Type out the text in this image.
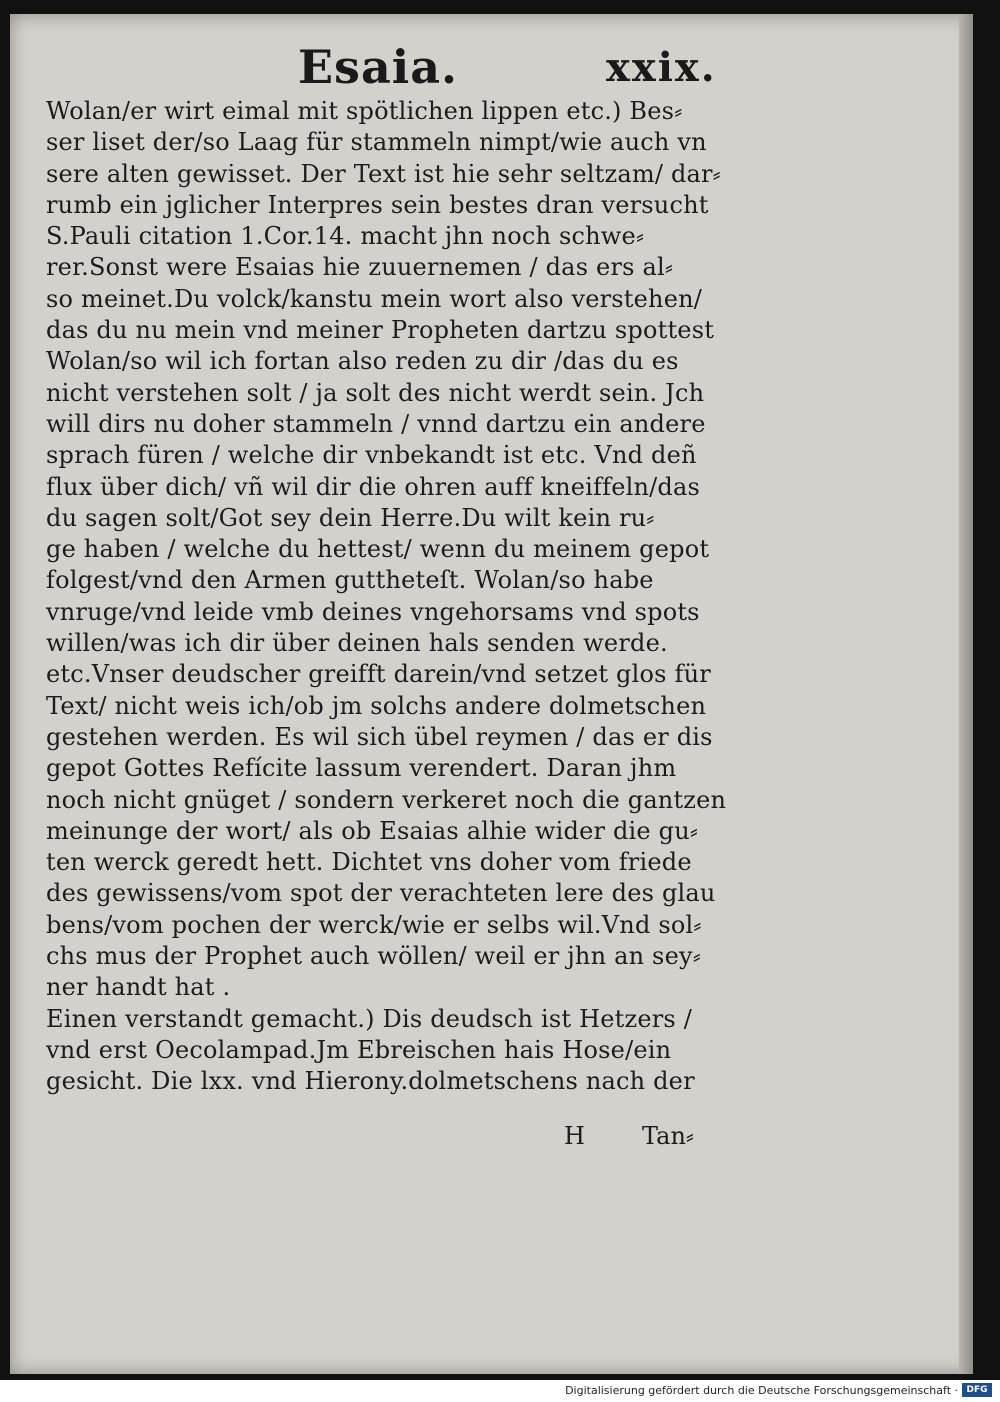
Esaia.	xxix.
Wolan/er wirt eimal mit spötlichen lippen etc.) Bes⸗
ser liset der/so Laag für stammeln nimpt/wie auch vn
sere alten gewisset. Der Text ist hie sehr seltzam/ dar⸗
rumb ein jglicher Interpres sein bestes dran versucht
S.Pauli citation 1.Cor.14. macht jhn noch schwe⸗
rer.Sonst were Esaias hie zuuernemen / das ers al⸗
so meinet.Du volck/kanstu mein wort also verstehen/
das du nu mein vnd meiner Propheten dartzu spottest
Wolan/so wil ich fortan also reden zu dir /das du es
nicht verstehen solt / ja solt des nicht werdt sein. Jch
will dirs nu doher stammeln / vnnd dartzu ein andere
sprach füren / welche dir vnbekandt ist etc. Vnd deñ
flux über dich/ vñ wil dir die ohren auff kneiffeln/das
du sagen solt/Got sey dein Herre.Du wilt kein ru⸗
ge haben / welche du hettest/ wenn du meinem gepot
folgest/vnd den Armen guttheteſt. Wolan/so habe
vnruge/vnd leide vmb deines vngehorsams vnd spots
willen/was ich dir über deinen hals senden werde.
etc.Vnser deudscher greifft darein/vnd setzet glos für
Text/ nicht weis ich/ob jm solchs andere dolmetschen
gestehen werden. Es wil sich übel reymen / das er dis
gepot Gottes Refícite lassum verendert. Daran jhm
noch nicht gnüget / sondern verkeret noch die gantzen
meinunge der wort/ als ob Esaias alhie wider die gu⸗
ten werck geredt hett. Dichtet vns doher vom friede
des gewissens/vom spot der verachteten lere des glau
bens/vom pochen der werck/wie er selbs wil.Vnd sol⸗
chs mus der Prophet auch wöllen/ weil er jhn an sey⸗
ner handt hat .
Einen verstandt gemacht.) Dis deudsch ist Hetzers /
vnd erst Oecolampad.Jm Ebreischen hais Hose/ein
gesicht. Die lxx. vnd Hierony.dolmetschens nach der
H Tan⸗
Digitalisierung gefördert durch die Deutsche Forschungsgemeinschaft · DFG
